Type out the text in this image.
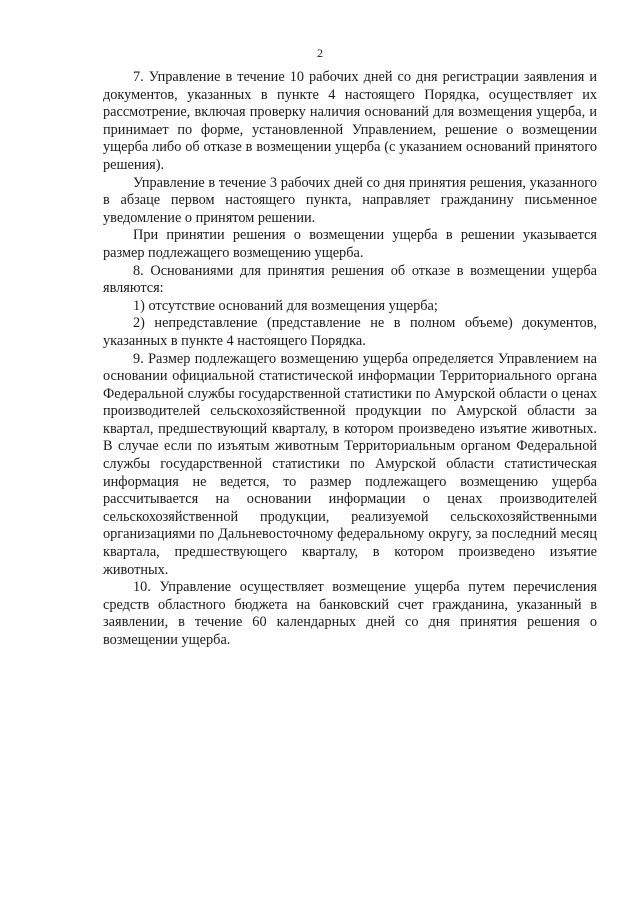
2

7. Управление в течение 10 рабочих дней со дня регистрации заявления и документов, указанных в пункте 4 настоящего Порядка, осуществляет их рассмотрение, включая проверку наличия оснований для возмещения ущерба, и принимает по форме, установленной Управлением, решение о возмещении ущерба либо об отказе в возмещении ущерба (с указанием оснований принятого решения).

Управление в течение 3 рабочих дней со дня принятия решения, указанного в абзаце первом настоящего пункта, направляет гражданину письменное уведомление о принятом решении.

При принятии решения о возмещении ущерба в решении указывается размер подлежащего возмещению ущерба.

8. Основаниями для принятия решения об отказе в возмещении ущерба являются:

1) отсутствие оснований для возмещения ущерба;

2) непредставление (представление не в полном объеме) документов, указанных в пункте 4 настоящего Порядка.

9. Размер подлежащего возмещению ущерба определяется Управлением на основании официальной статистической информации Территориального органа Федеральной службы государственной статистики по Амурской области о ценах производителей сельскохозяйственной продукции по Амурской области за квартал, предшествующий кварталу, в котором произведено изъятие животных. В случае если по изъятым животным Территориальным органом Федеральной службы государственной статистики по Амурской области статистическая информация не ведется, то размер подлежащего возмещению ущерба рассчитывается на основании информации о ценах производителей сельскохозяйственной продукции, реализуемой сельскохозяйственными организациями по Дальневосточному федеральному округу, за последний месяц квартала, предшествующего кварталу, в котором произведено изъятие животных.

10. Управление осуществляет возмещение ущерба путем перечисления средств областного бюджета на банковский счет гражданина, указанный в заявлении, в течение 60 календарных дней со дня принятия решения о возмещении ущерба.
